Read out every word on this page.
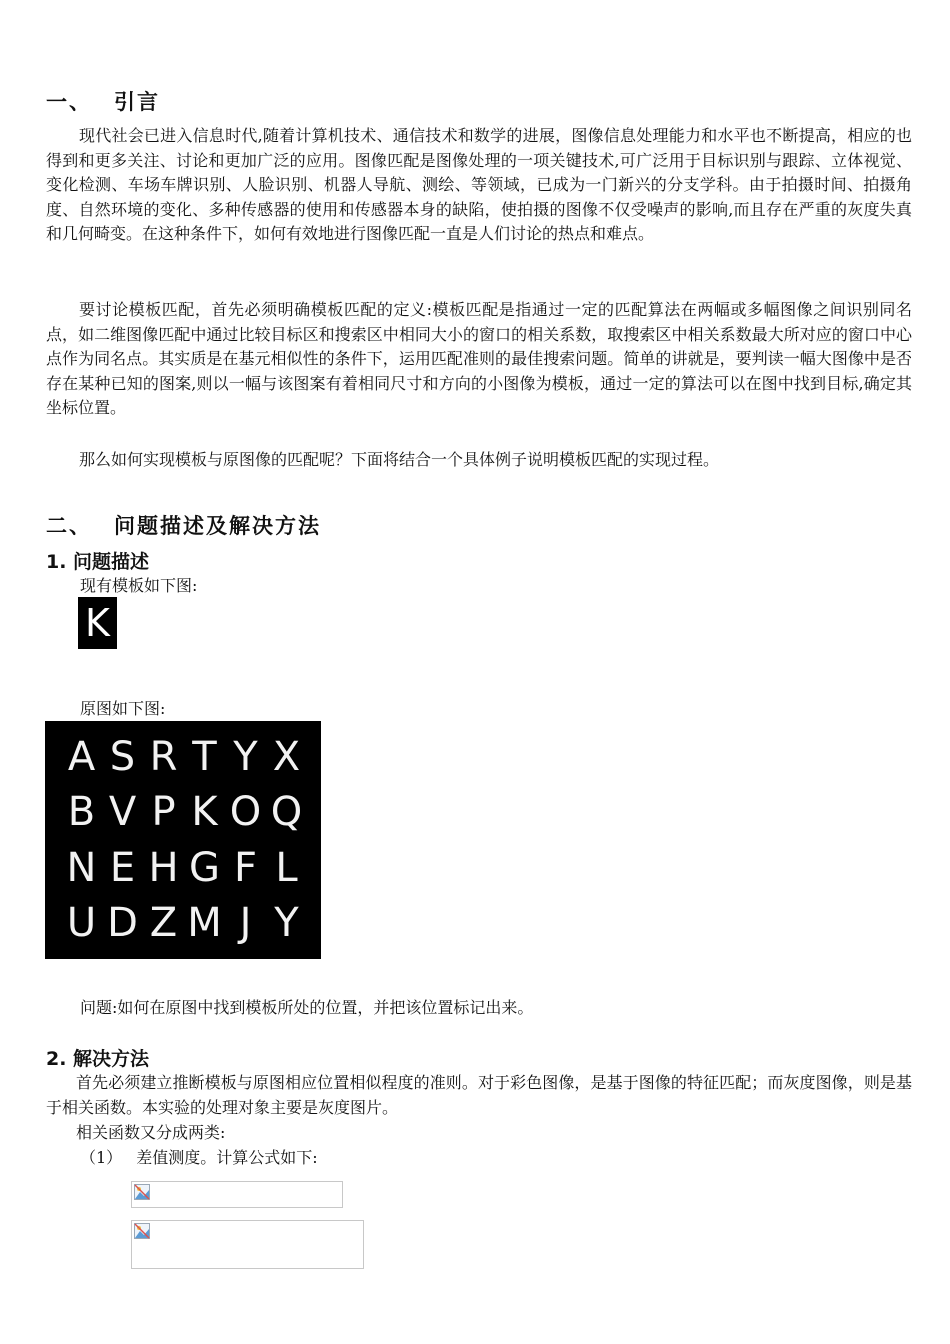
一、 引言

现代社会已进入信息时代,随着计算机技术、通信技术和数学的进展，图像信息处理能力和水平也不断提高，相应的也得到和更多关注、讨论和更加广泛的应用。图像匹配是图像处理的一项关键技术,可广泛用于目标识别与跟踪、立体视觉、变化检测、车场车牌识别、人脸识别、机器人导航、测绘、等领域，已成为一门新兴的分支学科。由于拍摄时间、拍摄角度、自然环境的变化、多种传感器的使用和传感器本身的缺陷，使拍摄的图像不仅受噪声的影响,而且存在严重的灰度失真和几何畸变。在这种条件下，如何有效地进行图像匹配一直是人们讨论的热点和难点。

要讨论模板匹配，首先必须明确模板匹配的定义:模板匹配是指通过一定的匹配算法在两幅或多幅图像之间识别同名点，如二维图像匹配中通过比较目标区和搜索区中相同大小的窗口的相关系数，取搜索区中相关系数最大所对应的窗口中心点作为同名点。其实质是在基元相似性的条件下，运用匹配准则的最佳搜索问题。简单的讲就是，要判读一幅大图像中是否存在某种已知的图案,则以一幅与该图案有着相同尺寸和方向的小图像为模板，通过一定的算法可以在图中找到目标,确定其坐标位置。

那么如何实现模板与原图像的匹配呢？下面将结合一个具体例子说明模板匹配的实现过程。

二、 问题描述及解决方法
1. 问题描述
现有模板如下图:
K
原图如下图:
A S R T Y X
B V P K O Q
N E H G F L
U D Z M J Y
问题:如何在原图中找到模板所处的位置，并把该位置标记出来。
2. 解决方法

首先必须建立推断模板与原图相应位置相似程度的准则。对于彩色图像，是基于图像的特征匹配；而灰度图像，则是基于相关函数。本实验的处理对象主要是灰度图片。

相关函数又分成两类:
（1） 差值测度。计算公式如下:
